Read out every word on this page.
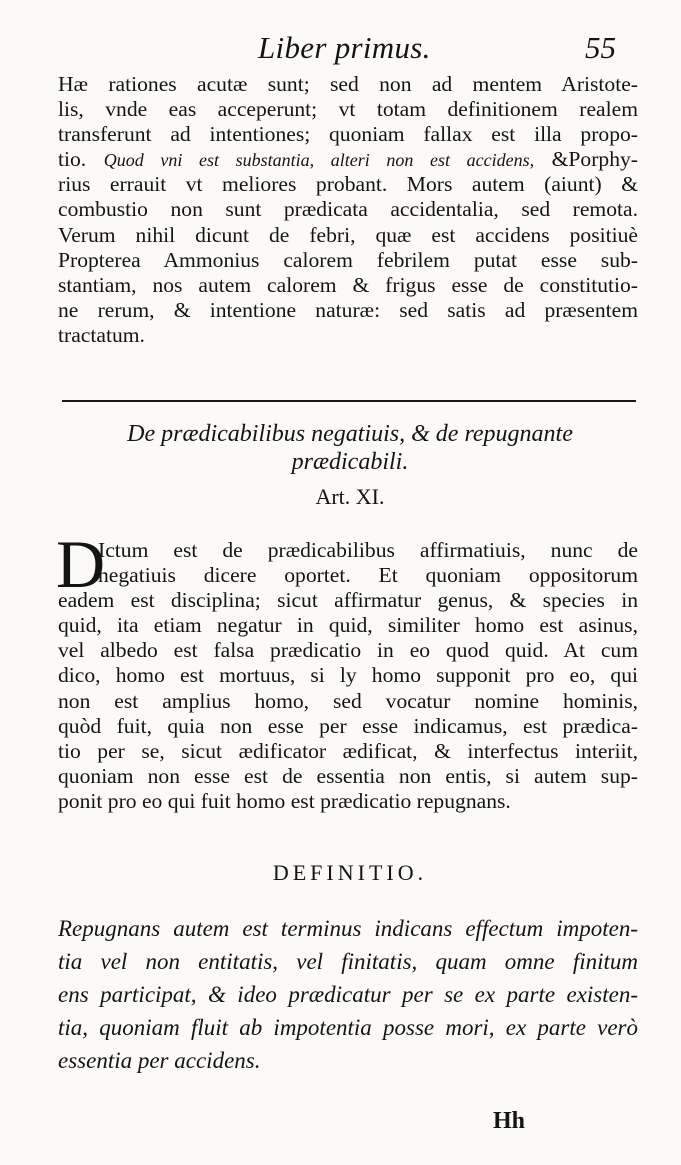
Liber primus.	55
Hæ rationes acutæ sunt; sed non ad mentem Aristote-
lis, vnde eas acceperunt; vt totam definitionem realem
transferunt ad intentiones; quoniam fallax est illa propo-
tio. Quod vni est substantia, alteri non est accidens, &Porphy-
rius errauit vt meliores probant. Mors autem (aiunt) &
combustio non sunt prædicata accidentalia, sed remota.
Verum nihil dicunt de febri, quæ est accidens positiuè
Propterea Ammonius calorem febrilem putat esse sub-
stantiam, nos autem calorem & frigus esse de constitutio-
ne rerum, & intentione naturæ: sed satis ad præsentem
tractatum.
De prædicabilibus negatiuis, & de repugnante
prædicabili.
Art. XI.
D
Ictum est de prædicabilibus affirmatiuis, nunc de
negatiuis dicere oportet. Et quoniam oppositorum
eadem est disciplina; sicut affirmatur genus, & species in
quid, ita etiam negatur in quid, similiter homo est asinus,
vel albedo est falsa prædicatio in eo quod quid. At cum
dico, homo est mortuus, si ly homo supponit pro eo, qui
non est amplius homo, sed vocatur nomine hominis,
quòd fuit, quia non esse per esse indicamus, est prædica-
tio per se, sicut ædificator ædificat, & interfectus interiit,
quoniam non esse est de essentia non entis, si autem sup-
ponit pro eo qui fuit homo est prædicatio repugnans.
DEFINITIO.
Repugnans autem est terminus indicans effectum impoten-
tia vel non entitatis, vel finitatis, quam omne finitum
ens participat, & ideo prædicatur per se ex parte existen-
tia, quoniam fluit ab impotentia posse mori, ex parte verò
essentia per accidens.
Hh
